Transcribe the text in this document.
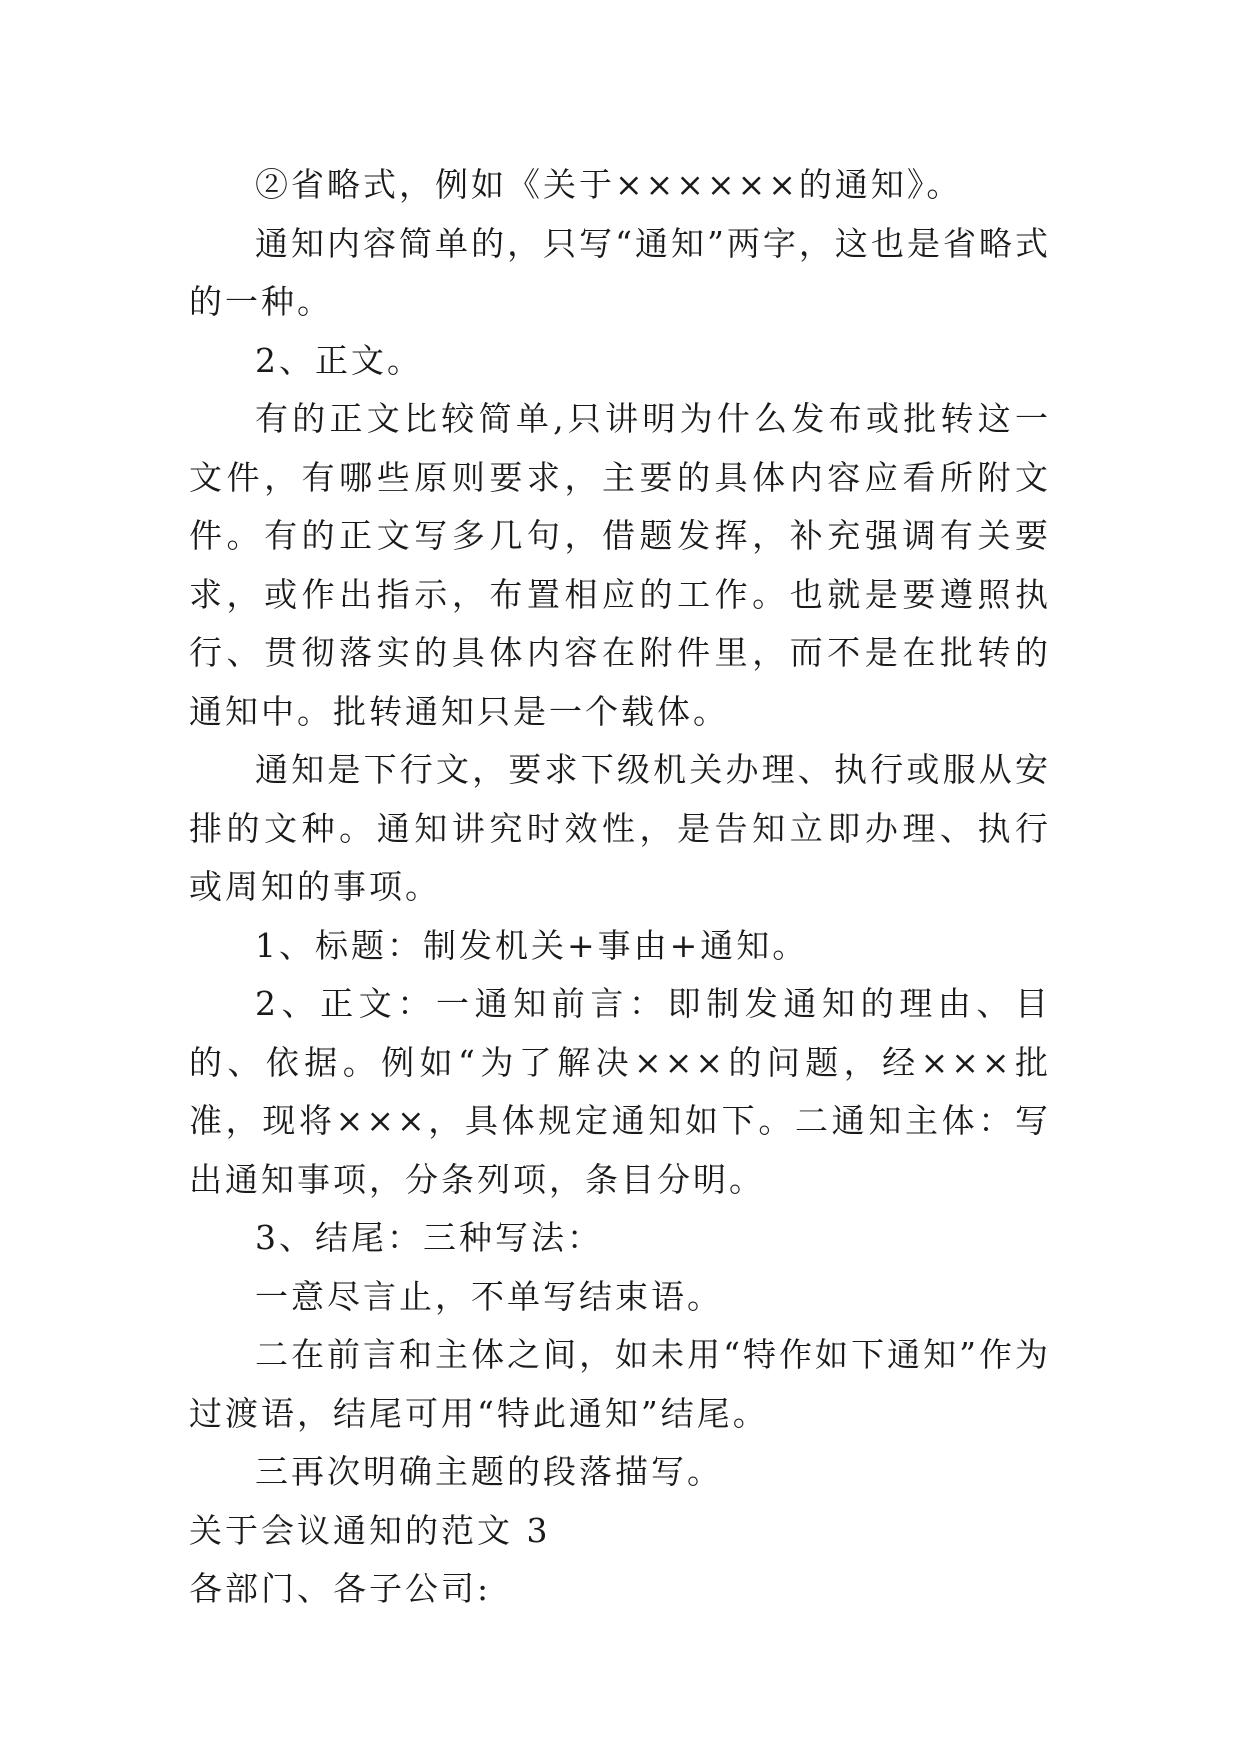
②省略式，例如《关于××××××的通知》。

通知内容简单的，只写“通知”两字，这也是省略式的一种。

2、正文。

有的正文比较简单,只讲明为什么发布或批转这一文件，有哪些原则要求，主要的具体内容应看所附文件。有的正文写多几句，借题发挥，补充强调有关要求，或作出指示，布置相应的工作。也就是要遵照执行、贯彻落实的具体内容在附件里，而不是在批转的通知中。批转通知只是一个载体。

通知是下行文，要求下级机关办理、执行或服从安排的文种。通知讲究时效性，是告知立即办理、执行或周知的事项。

1、标题：制发机关+事由+通知。

2、正文：一通知前言：即制发通知的理由、目的、依据。例如“为了解决×××的问题，经×××批准，现将×××，具体规定通知如下。二通知主体：写出通知事项，分条列项，条目分明。

3、结尾：三种写法：

一意尽言止，不单写结束语。

二在前言和主体之间，如未用“特作如下通知”作为过渡语，结尾可用“特此通知”结尾。

三再次明确主题的段落描写。

关于会议通知的范文 3

各部门、各子公司:
